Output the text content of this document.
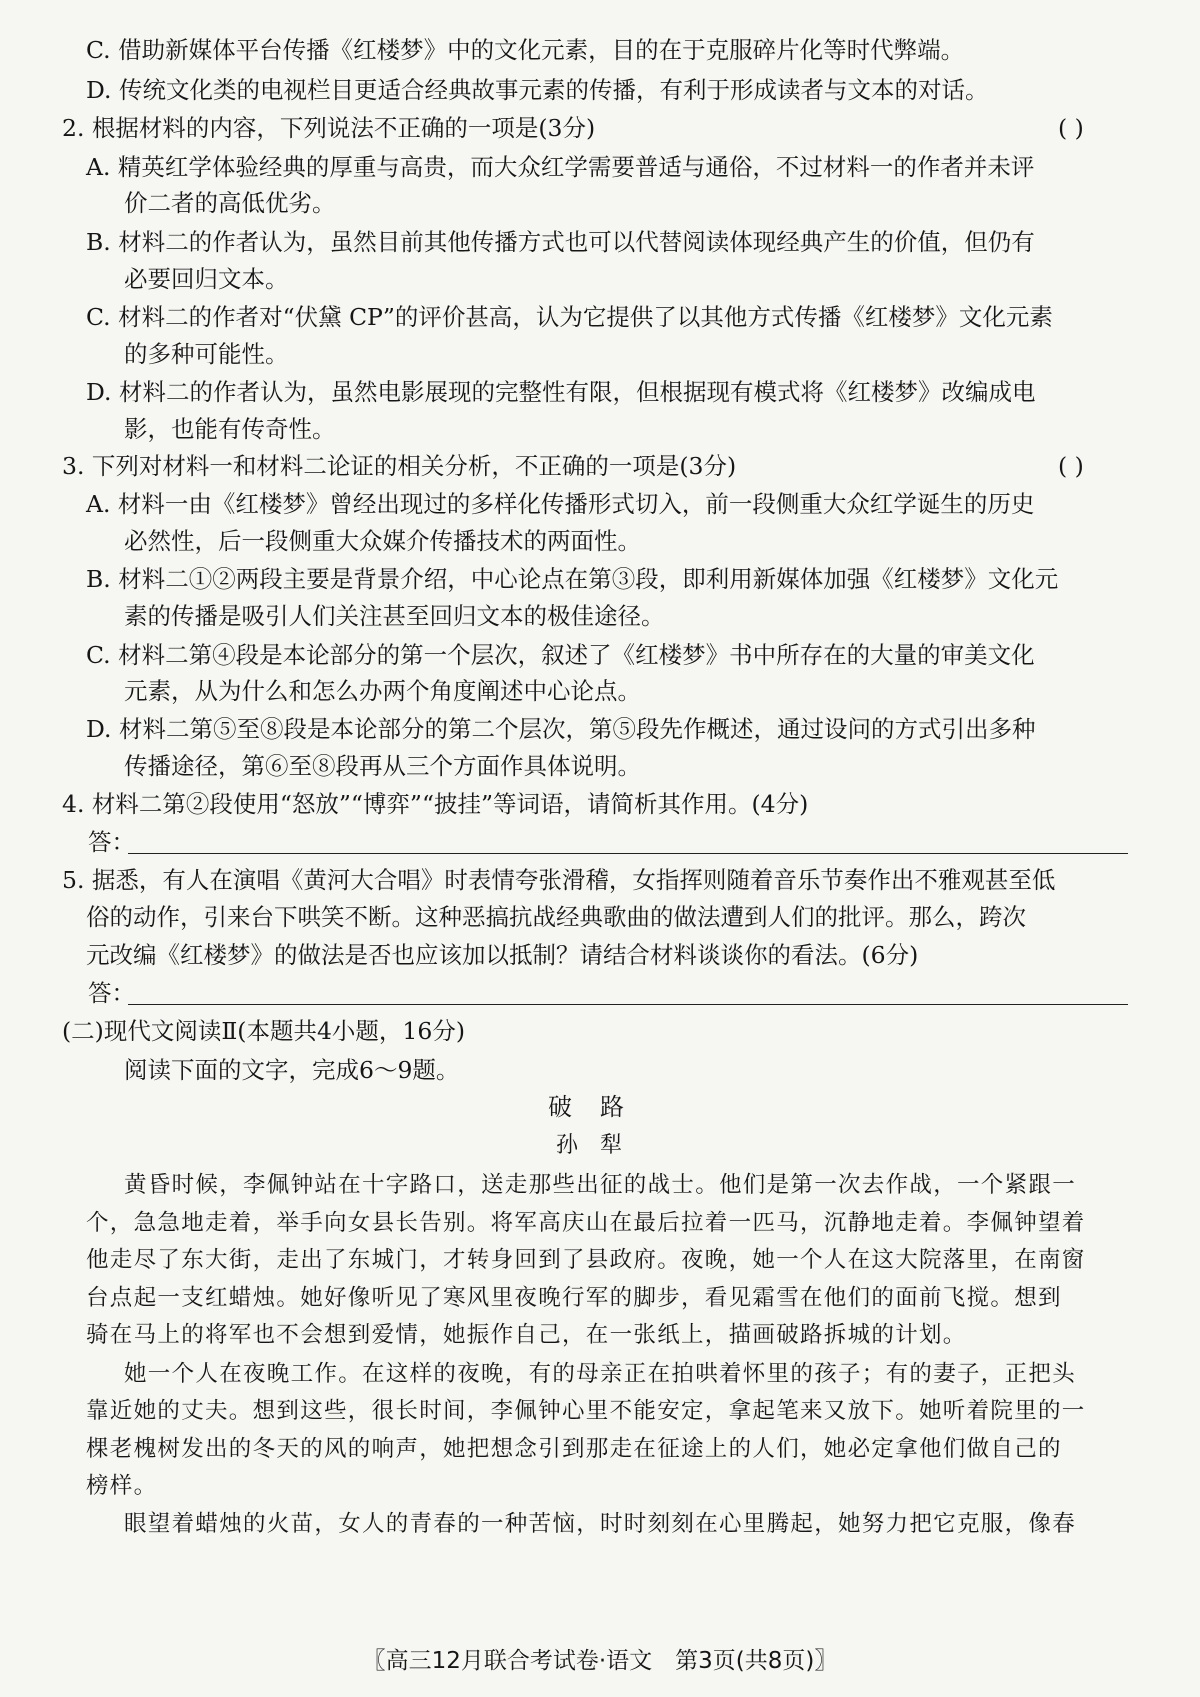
C. 借助新媒体平台传播《红楼梦》中的文化元素，目的在于克服碎片化等时代弊端。
D. 传统文化类的电视栏目更适合经典故事元素的传播，有利于形成读者与文本的对话。
2. 根据材料的内容，下列说法不正确的一项是(3分)	( )
A. 精英红学体验经典的厚重与高贵，而大众红学需要普适与通俗，不过材料一的作者并未评
价二者的高低优劣。
B. 材料二的作者认为，虽然目前其他传播方式也可以代替阅读体现经典产生的价值，但仍有
必要回归文本。
C. 材料二的作者对“伏黛 CP”的评价甚高，认为它提供了以其他方式传播《红楼梦》文化元素
的多种可能性。
D. 材料二的作者认为，虽然电影展现的完整性有限，但根据现有模式将《红楼梦》改编成电
影，也能有传奇性。
3. 下列对材料一和材料二论证的相关分析，不正确的一项是(3分)	( )
A. 材料一由《红楼梦》曾经出现过的多样化传播形式切入，前一段侧重大众红学诞生的历史
必然性，后一段侧重大众媒介传播技术的两面性。
B. 材料二①②两段主要是背景介绍，中心论点在第③段，即利用新媒体加强《红楼梦》文化元
素的传播是吸引人们关注甚至回归文本的极佳途径。
C. 材料二第④段是本论部分的第一个层次，叙述了《红楼梦》书中所存在的大量的审美文化
元素，从为什么和怎么办两个角度阐述中心论点。
D. 材料二第⑤至⑧段是本论部分的第二个层次，第⑤段先作概述，通过设问的方式引出多种
传播途径，第⑥至⑧段再从三个方面作具体说明。
4. 材料二第②段使用“怒放”“博弈”“披挂”等词语，请简析其作用。(4分)
答：
5. 据悉，有人在演唱《黄河大合唱》时表情夸张滑稽，女指挥则随着音乐节奏作出不雅观甚至低
俗的动作，引来台下哄笑不断。这种恶搞抗战经典歌曲的做法遭到人们的批评。那么，跨次
元改编《红楼梦》的做法是否也应该加以抵制？请结合材料谈谈你的看法。(6分)
答：
(二)现代文阅读Ⅱ(本题共4小题，16分)
阅读下面的文字，完成6～9题。
破路
孙犁
黄昏时候，李佩钟站在十字路口，送走那些出征的战士。他们是第一次去作战，一个紧跟一
个，急急地走着，举手向女县长告别。将军高庆山在最后拉着一匹马，沉静地走着。李佩钟望着
他走尽了东大街，走出了东城门，才转身回到了县政府。夜晚，她一个人在这大院落里，在南窗
台点起一支红蜡烛。她好像听见了寒风里夜晚行军的脚步，看见霜雪在他们的面前飞搅。想到
骑在马上的将军也不会想到爱情，她振作自己，在一张纸上，描画破路拆城的计划。
她一个人在夜晚工作。在这样的夜晚，有的母亲正在拍哄着怀里的孩子；有的妻子，正把头
靠近她的丈夫。想到这些，很长时间，李佩钟心里不能安定，拿起笔来又放下。她听着院里的一
棵老槐树发出的冬天的风的响声，她把想念引到那走在征途上的人们，她必定拿他们做自己的
榜样。
眼望着蜡烛的火苗，女人的青春的一种苦恼，时时刻刻在心里腾起，她努力把它克服，像春
〖高三12月联合考试卷·语文　第3页(共8页)〗
